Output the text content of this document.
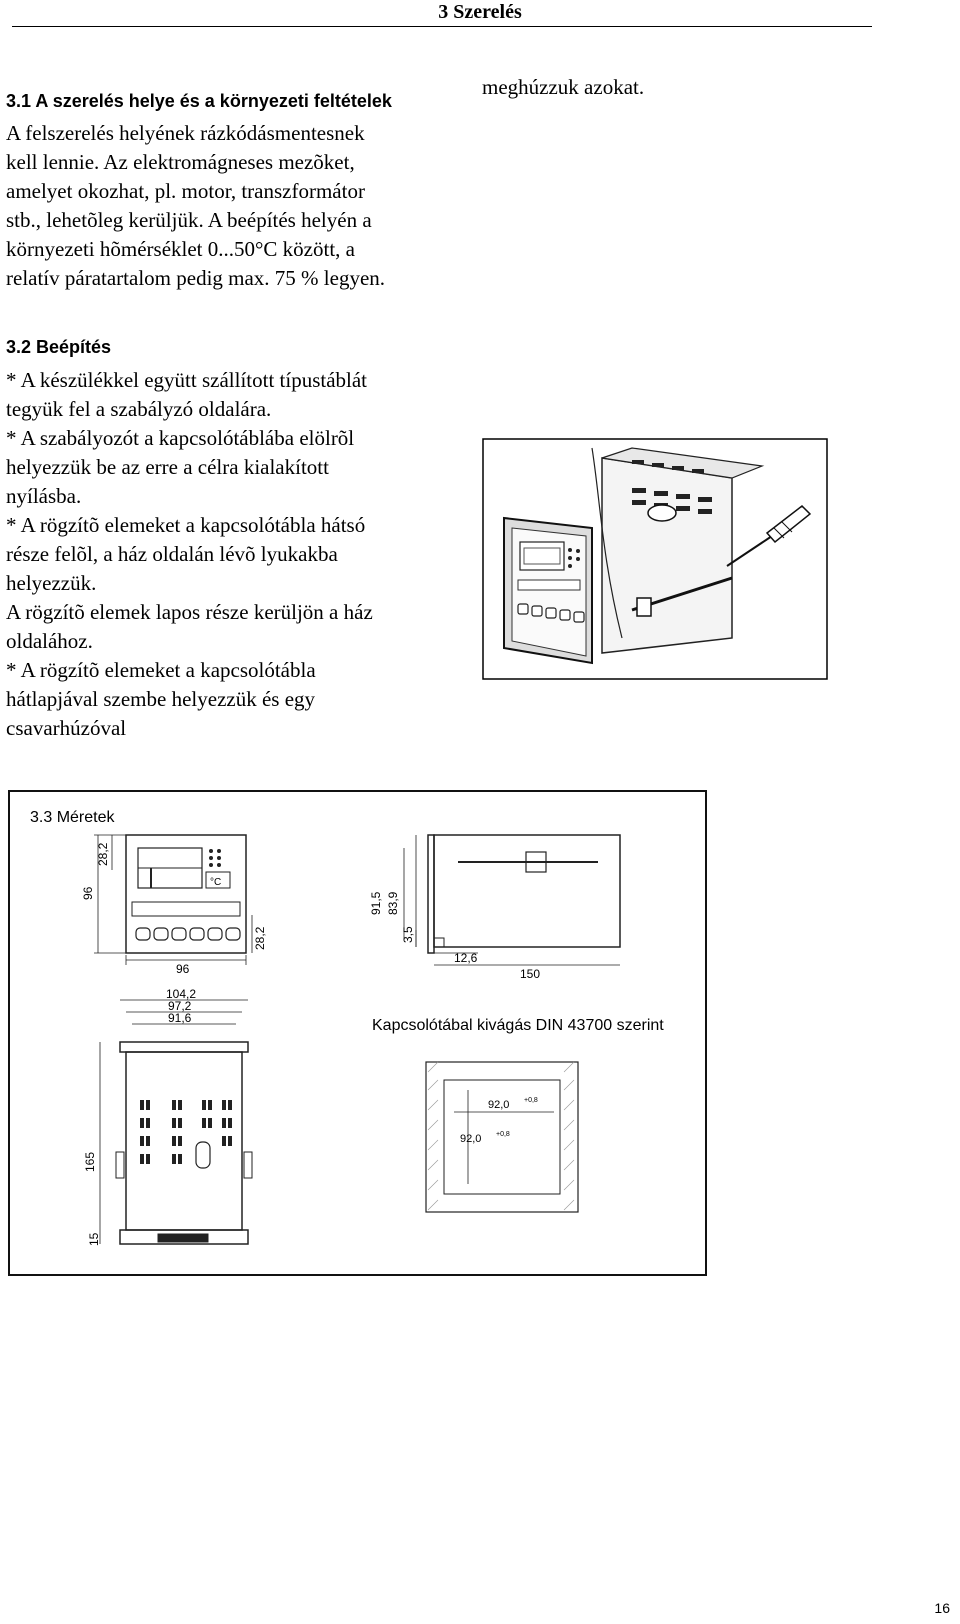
3 Szerelés
3.1 A szerelés helye és a környezeti feltételek

A felszerelés helyének rázkódásmentesnek

kell lennie. Az elektromágneses mezõket,

amelyet okozhat, pl. motor, transzformátor

stb., lehetõleg kerüljük. A beépítés helyén a

környezeti hõmérséklet 0...50°C között, a

relatív páratartalom pedig max. 75 % legyen.

meghúzzuk azokat.
3.2 Beépítés

* A készülékkel együtt szállított típustáblát

tegyük fel a szabályzó oldalára.

* A szabályozót a kapcsolótáblába elölrõl

helyezzük be az erre a célra kialakított

nyílásba.

* A rögzítõ elemeket a kapcsolótábla hátsó

része felõl, a ház oldalán lévõ lyukakba

helyezzük.

A rögzítõ elemek lapos része kerüljön a ház

oldalához.

* A rögzítõ elemeket a kapcsolótábla

hátlapjával szembe helyezzük és egy

csavarhúzóval

3.3 Méretek
96
28,2
28,2
96
°C
91,5 83,9
3,5
12,6
150
104,2
97,2
91,6
165
15
Kapcsolótábal kivágás DIN 43700 szerint
92,0 +0,8
92,0 +0,8
16
